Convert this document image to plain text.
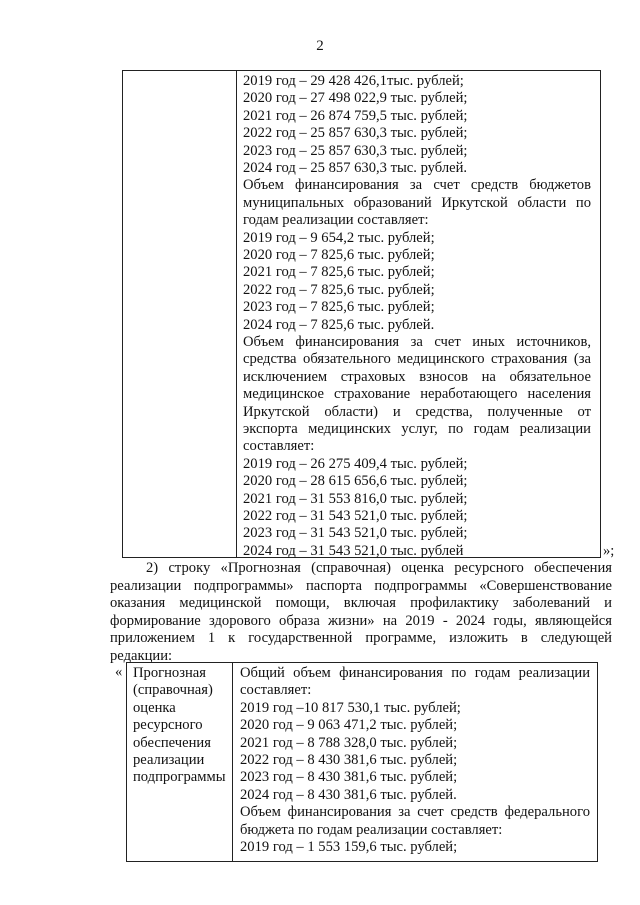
2
2019 год – 29 428 426,1тыс. рублей;
2020 год – 27 498 022,9 тыс. рублей;
2021 год – 26 874 759,5 тыс. рублей;
2022 год – 25 857 630,3 тыс. рублей;
2023 год – 25 857 630,3 тыс. рублей;
2024 год – 25 857 630,3 тыс. рублей.
Объем финансирования за счет средств бюджетов муниципальных образований Иркутской области по годам реализации составляет:
2019 год – 9 654,2 тыс. рублей;
2020 год – 7 825,6 тыс. рублей;
2021 год – 7 825,6 тыс. рублей;
2022 год – 7 825,6 тыс. рублей;
2023 год – 7 825,6 тыс. рублей;
2024 год – 7 825,6 тыс. рублей.
Объем финансирования за счет иных источников, средства обязательного медицинского страхования (за исключением страховых взносов на обязательное медицинское страхование неработающего населения Иркутской области) и средства, полученные от экспорта медицинских услуг, по годам реализации составляет:
2019 год – 26 275 409,4 тыс. рублей;
2020 год – 28 615 656,6 тыс. рублей;
2021 год – 31 553 816,0 тыс. рублей;
2022 год – 31 543 521,0 тыс. рублей;
2023 год – 31 543 521,0 тыс. рублей;
2024 год – 31 543 521,0 тыс. рублей	»;
2) строку «Прогнозная (справочная) оценка ресурсного обеспечения реализации подпрограммы» паспорта подпрограммы «Совершенствование оказания медицинской помощи, включая профилактику заболеваний и формирование здорового образа жизни» на 2019 - 2024 годы, являющейся приложением 1 к государственной программе, изложить в следующей редакции:
« Прогнозная
(справочная)
оценка
ресурсного
обеспечения
реализации
подпрограммы
Общий объем финансирования по годам реализации составляет:
2019 год –10 817 530,1 тыс. рублей;
2020 год – 9 063 471,2 тыс. рублей;
2021 год – 8 788 328,0 тыс. рублей;
2022 год – 8 430 381,6 тыс. рублей;
2023 год – 8 430 381,6 тыс. рублей;
2024 год – 8 430 381,6 тыс. рублей.
Объем финансирования за счет средств федерального бюджета по годам реализации составляет:
2019 год – 1 553 159,6 тыс. рублей;
